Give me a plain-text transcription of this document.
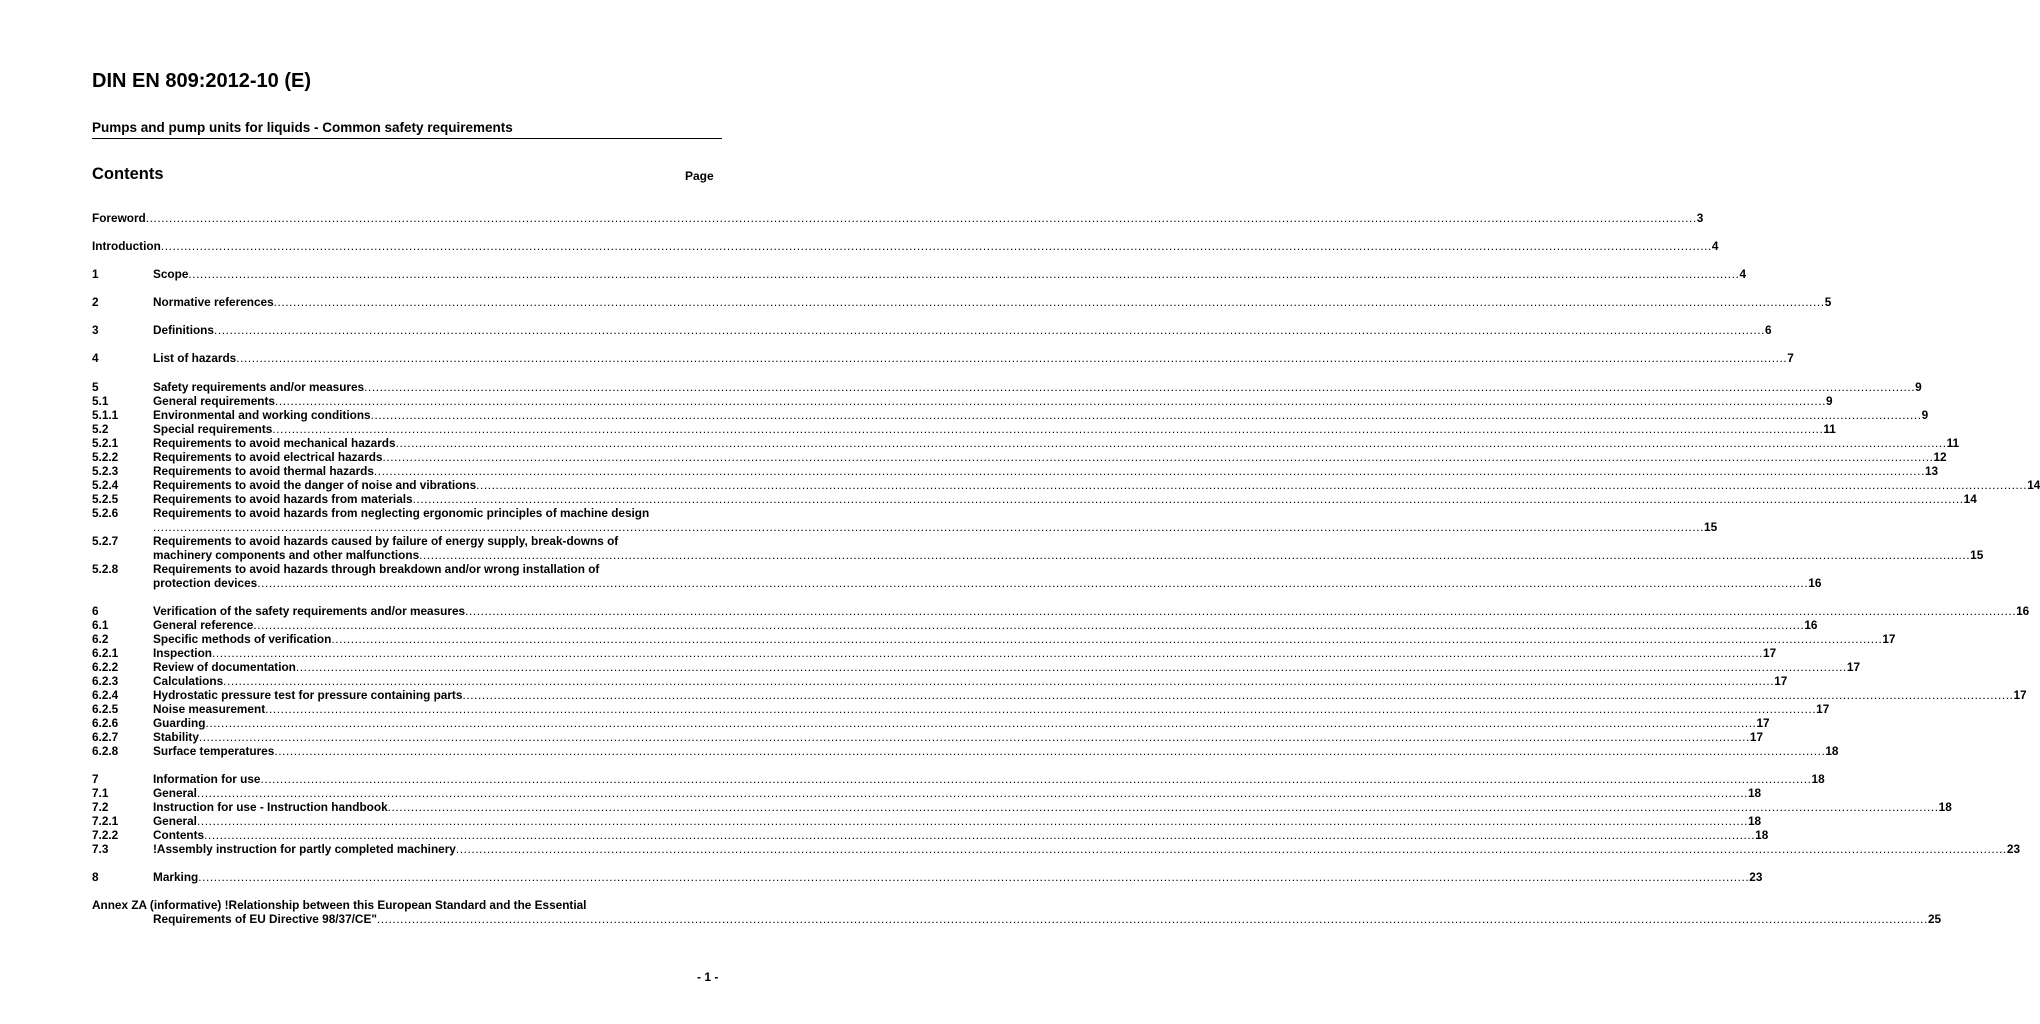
DIN EN 809:2012-10 (E)
Pumps and pump units for liquids - Common safety requirements
Contents	Page
Foreword ................................................................................................................................................................................................................................................................................................................................................................................................................ 3
Introduction ................................................................................................................................................................................................................................................................................................................................................................................................................ 4
1	Scope ................................................................................................................................................................................................................................................................................................................................................................................................................ 4
2	Normative references ................................................................................................................................................................................................................................................................................................................................................................................................................ 5
3	Definitions ................................................................................................................................................................................................................................................................................................................................................................................................................ 6
4	List of hazards ................................................................................................................................................................................................................................................................................................................................................................................................................ 7
5	Safety requirements and/or measures ................................................................................................................................................................................................................................................................................................................................................................................................................ 9
5.1	General requirements ................................................................................................................................................................................................................................................................................................................................................................................................................ 9
5.1.1	Environmental and working conditions ................................................................................................................................................................................................................................................................................................................................................................................................................ 9
5.2	Special requirements ................................................................................................................................................................................................................................................................................................................................................................................................................ 11
5.2.1	Requirements to avoid mechanical hazards ................................................................................................................................................................................................................................................................................................................................................................................................................ 11
5.2.2	Requirements to avoid electrical hazards ................................................................................................................................................................................................................................................................................................................................................................................................................ 12
5.2.3	Requirements to avoid thermal hazards ................................................................................................................................................................................................................................................................................................................................................................................................................ 13
5.2.4	Requirements to avoid the danger of noise and vibrations ................................................................................................................................................................................................................................................................................................................................................................................................................ 14
5.2.5	Requirements to avoid hazards from materials ................................................................................................................................................................................................................................................................................................................................................................................................................ 14
5.2.6	Requirements to avoid hazards from neglecting ergonomic principles of machine design
................................................................................................................................................................................................................................................................................................................................................................................................................ 15
5.2.7	Requirements to avoid hazards caused by failure of energy supply, break-downs of
machinery components and other malfunctions ................................................................................................................................................................................................................................................................................................................................................................................................................ 15
5.2.8	Requirements to avoid hazards through breakdown and/or wrong installation of
protection devices ................................................................................................................................................................................................................................................................................................................................................................................................................ 16
6	Verification of the safety requirements and/or measures ................................................................................................................................................................................................................................................................................................................................................................................................................ 16
6.1	General reference ................................................................................................................................................................................................................................................................................................................................................................................................................ 16
6.2	Specific methods of verification ................................................................................................................................................................................................................................................................................................................................................................................................................ 17
6.2.1	Inspection ................................................................................................................................................................................................................................................................................................................................................................................................................ 17
6.2.2	Review of documentation ................................................................................................................................................................................................................................................................................................................................................................................................................ 17
6.2.3	Calculations ................................................................................................................................................................................................................................................................................................................................................................................................................ 17
6.2.4	Hydrostatic pressure test for pressure containing parts ................................................................................................................................................................................................................................................................................................................................................................................................................ 17
6.2.5	Noise measurement ................................................................................................................................................................................................................................................................................................................................................................................................................ 17
6.2.6	Guarding ................................................................................................................................................................................................................................................................................................................................................................................................................ 17
6.2.7	Stability ................................................................................................................................................................................................................................................................................................................................................................................................................ 17
6.2.8	Surface temperatures ................................................................................................................................................................................................................................................................................................................................................................................................................ 18
7	Information for use ................................................................................................................................................................................................................................................................................................................................................................................................................ 18
7.1	General ................................................................................................................................................................................................................................................................................................................................................................................................................ 18
7.2	Instruction for use - Instruction handbook ................................................................................................................................................................................................................................................................................................................................................................................................................ 18
7.2.1	General ................................................................................................................................................................................................................................................................................................................................................................................................................ 18
7.2.2	Contents ................................................................................................................................................................................................................................................................................................................................................................................................................ 18
7.3	!Assembly instruction for partly completed machinery ................................................................................................................................................................................................................................................................................................................................................................................................................ 23
8	Marking ................................................................................................................................................................................................................................................................................................................................................................................................................ 23
Annex ZA (informative) !Relationship between this European Standard and the Essential
Requirements of EU Directive 98/37/CE" ................................................................................................................................................................................................................................................................................................................................................................................................................ 25
- 1 -
